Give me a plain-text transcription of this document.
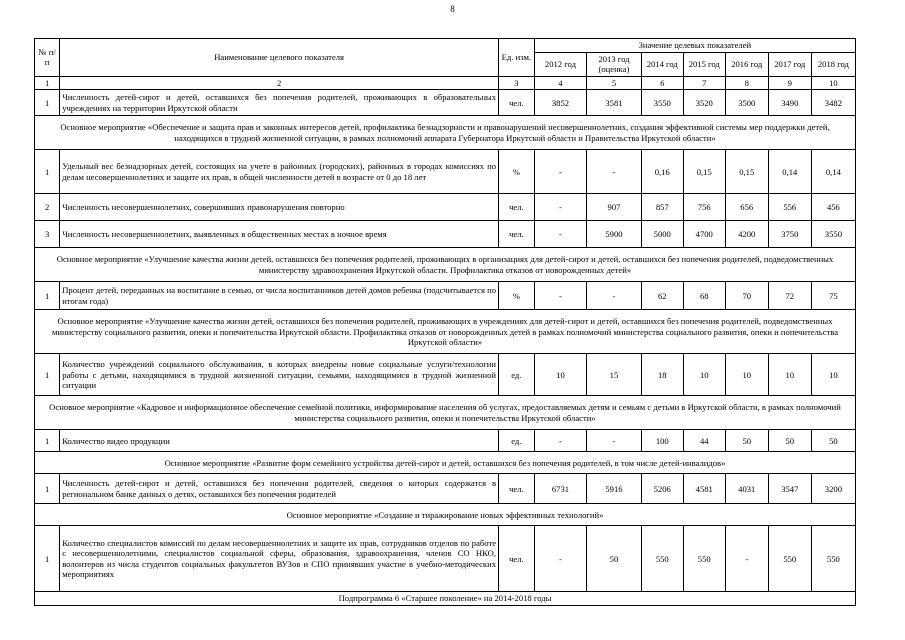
8
№ п/п	Наименование целевого показателя	Ед. изм.	Значение целевых показателей						
			2012 год	2013 год (оценка)	2014 год	2015 год	2016 год	2017 год	2018 год
1	2	3	4	5	6	7	8	9	10
1	Численность детей-сирот и детей, оставшихся без попечения родителей, проживающих в образовательных учреждениях на территории Иркутской области	чел.	3852	3581	3550	3520	3500	3490	3482
Основное мероприятие «Обеспечение и защита прав и законных интересов детей, профилактика безнадзорности и правонарушений несовершеннолетних, создания эффективной системы мер поддержки детей, находящихся в трудной жизненной ситуации, в рамках полномочий аппарата Губернатора Иркутской области и Правительства Иркутской области»									
1	Удельный вес безнадзорных детей, состоящих на учете в районных (городских), районных в городах комиссиях по делам несовершеннолетних и защите их прав, в общей численности детей в возрасте от 0 до 18 лет	%	-	-	0,16	0,15	0,15	0,14	0,14
2	Численность несовершеннолетних, совершивших правонарушения повторно	чел.	-	907	857	756	656	556	456
3	Численность несовершеннолетних, выявленных в общественных местах в ночное время	чел.	-	5900	5000	4700	4200	3750	3550
Основное мероприятие «Улучшение качества жизни детей, оставшихся без попечения родителей, проживающих в организациях для детей-сирот и детей, оставшихся без попечения родителей, подведомственных министерству здравоохранения Иркутской области. Профилактика отказов от новорожденных детей»									
1	Процент детей, переданных на воспитание в семью, от числа воспитанников детей домов ребенка (подсчитывается по итогам года)	%	-	-	62	68	70	72	75
Основное мероприятие «Улучшение качества жизни детей, оставшихся без попечения родителей, проживающих в учреждениях для детей-сирот и детей, оставшихся без попечения родителей, подведомственных министерству социального развития, опеки и попечительства Иркутской области. Профилактика отказов от новорожденных детей в рамках полномочий министерства социального развития, опеки и попечительства Иркутской области»									
1	Количество учреждений социального обслуживания, в которых внедрены новые социальные услуги/технологии работы с детьми, находящимися в трудной жизненной ситуации, семьями, находящимися в трудной жизненной ситуации	ед.	10	15	18	10	10	10	10
Основное мероприятие «Кадровое и информационное обеспечение семейной политики, информирование населения об услугах, предоставляемых детям и семьям с детьми в Иркутской области, в рамках полномочий министерства социального развития, опеки и попечительства Иркутской области»									
1	Количество видео продукции	ед.	-	-	100	44	50	50	50
Основное мероприятие «Развитие форм семейного устройства детей-сирот и детей, оставшихся без попечения родителей, в том числе детей-инвалидов»									
1	Численность детей-сирот и детей, оставшихся без попечения родителей, сведения о которых содержатся в региональном банке данных о детях, оставшихся без попечения родителей	чел.	6731	5916	5206	4581	4031	3547	3200
Основное мероприятие «Создание и тиражирование новых эффективных технологий»									
1	Количество специалистов комиссий по делам несовершеннолетних и защите их прав, сотрудников отделов по работе с несовершеннолетними, специалистов социальной сферы, образования, здравоохранения, членов СО НКО, волонтеров из числа студентов социальных факультетов ВУЗов и СПО принявших участие в учебно-методических мероприятиях	чел.	-	50	550	550	-	550	550
Подпрограмма 6 «Старшее поколение» на 2014-2018 годы									
